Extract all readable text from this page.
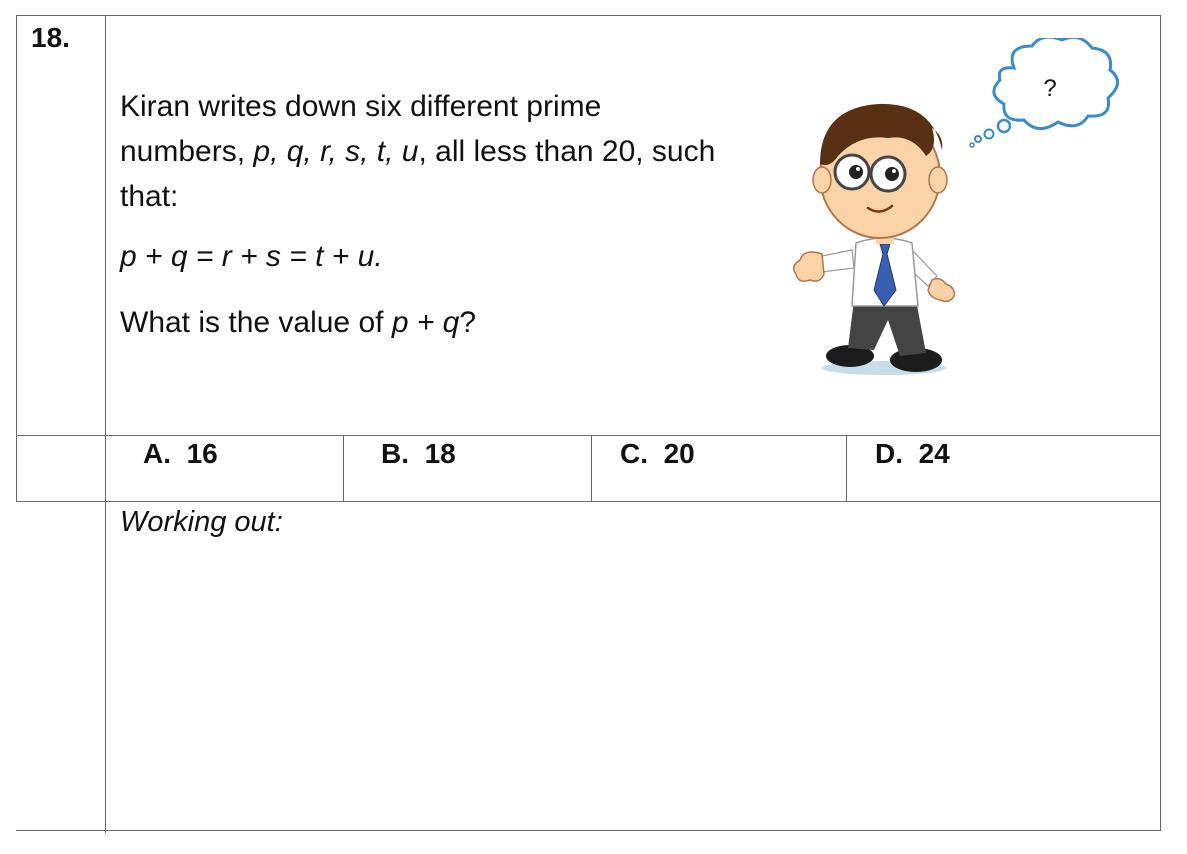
18.

Kiran writes down six different prime

numbers, p, q, r, s, t, u, all less than 20, such

that:

p + q = r + s = t + u.
What is the value of p + q?
A. 16	B. 18	C. 20	D. 24
Working out:
?
